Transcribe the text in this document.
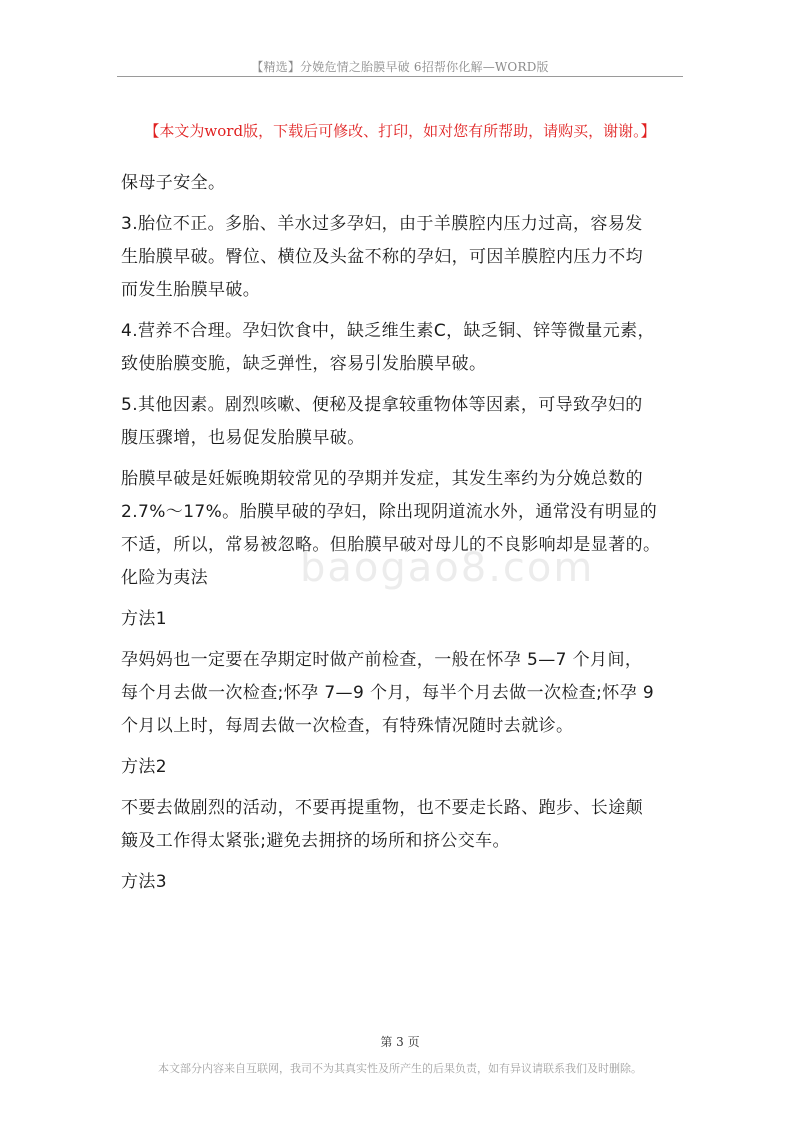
【精选】分娩危情之胎膜早破 6招帮你化解—WORD版
【本文为word版，下载后可修改、打印，如对您有所帮助，请购买，谢谢。】
baogao8.com
保母子安全。
3.胎位不正。多胎、羊水过多孕妇，由于羊膜腔内压力过高，容易发
生胎膜早破。臀位、横位及头盆不称的孕妇，可因羊膜腔内压力不均
而发生胎膜早破。
4.营养不合理。孕妇饮食中，缺乏维生素C，缺乏铜、锌等微量元素，
致使胎膜变脆，缺乏弹性，容易引发胎膜早破。
5.其他因素。剧烈咳嗽、便秘及提拿较重物体等因素，可导致孕妇的
腹压骤增，也易促发胎膜早破。
胎膜早破是妊娠晚期较常见的孕期并发症，其发生率约为分娩总数的
2.7%～17%。胎膜早破的孕妇，除出现阴道流水外，通常没有明显的
不适，所以，常易被忽略。但胎膜早破对母儿的不良影响却是显著的。
化险为夷法
方法1
孕妈妈也一定要在孕期定时做产前检查，一般在怀孕 5—7 个月间，
每个月去做一次检查;怀孕 7—9 个月，每半个月去做一次检查;怀孕 9
个月以上时，每周去做一次检查，有特殊情况随时去就诊。
方法2
不要去做剧烈的活动，不要再提重物，也不要走长路、跑步、长途颠
簸及工作得太紧张;避免去拥挤的场所和挤公交车。
方法3
第 3 页
本文部分内容来自互联网，我司不为其真实性及所产生的后果负责，如有异议请联系我们及时删除。
